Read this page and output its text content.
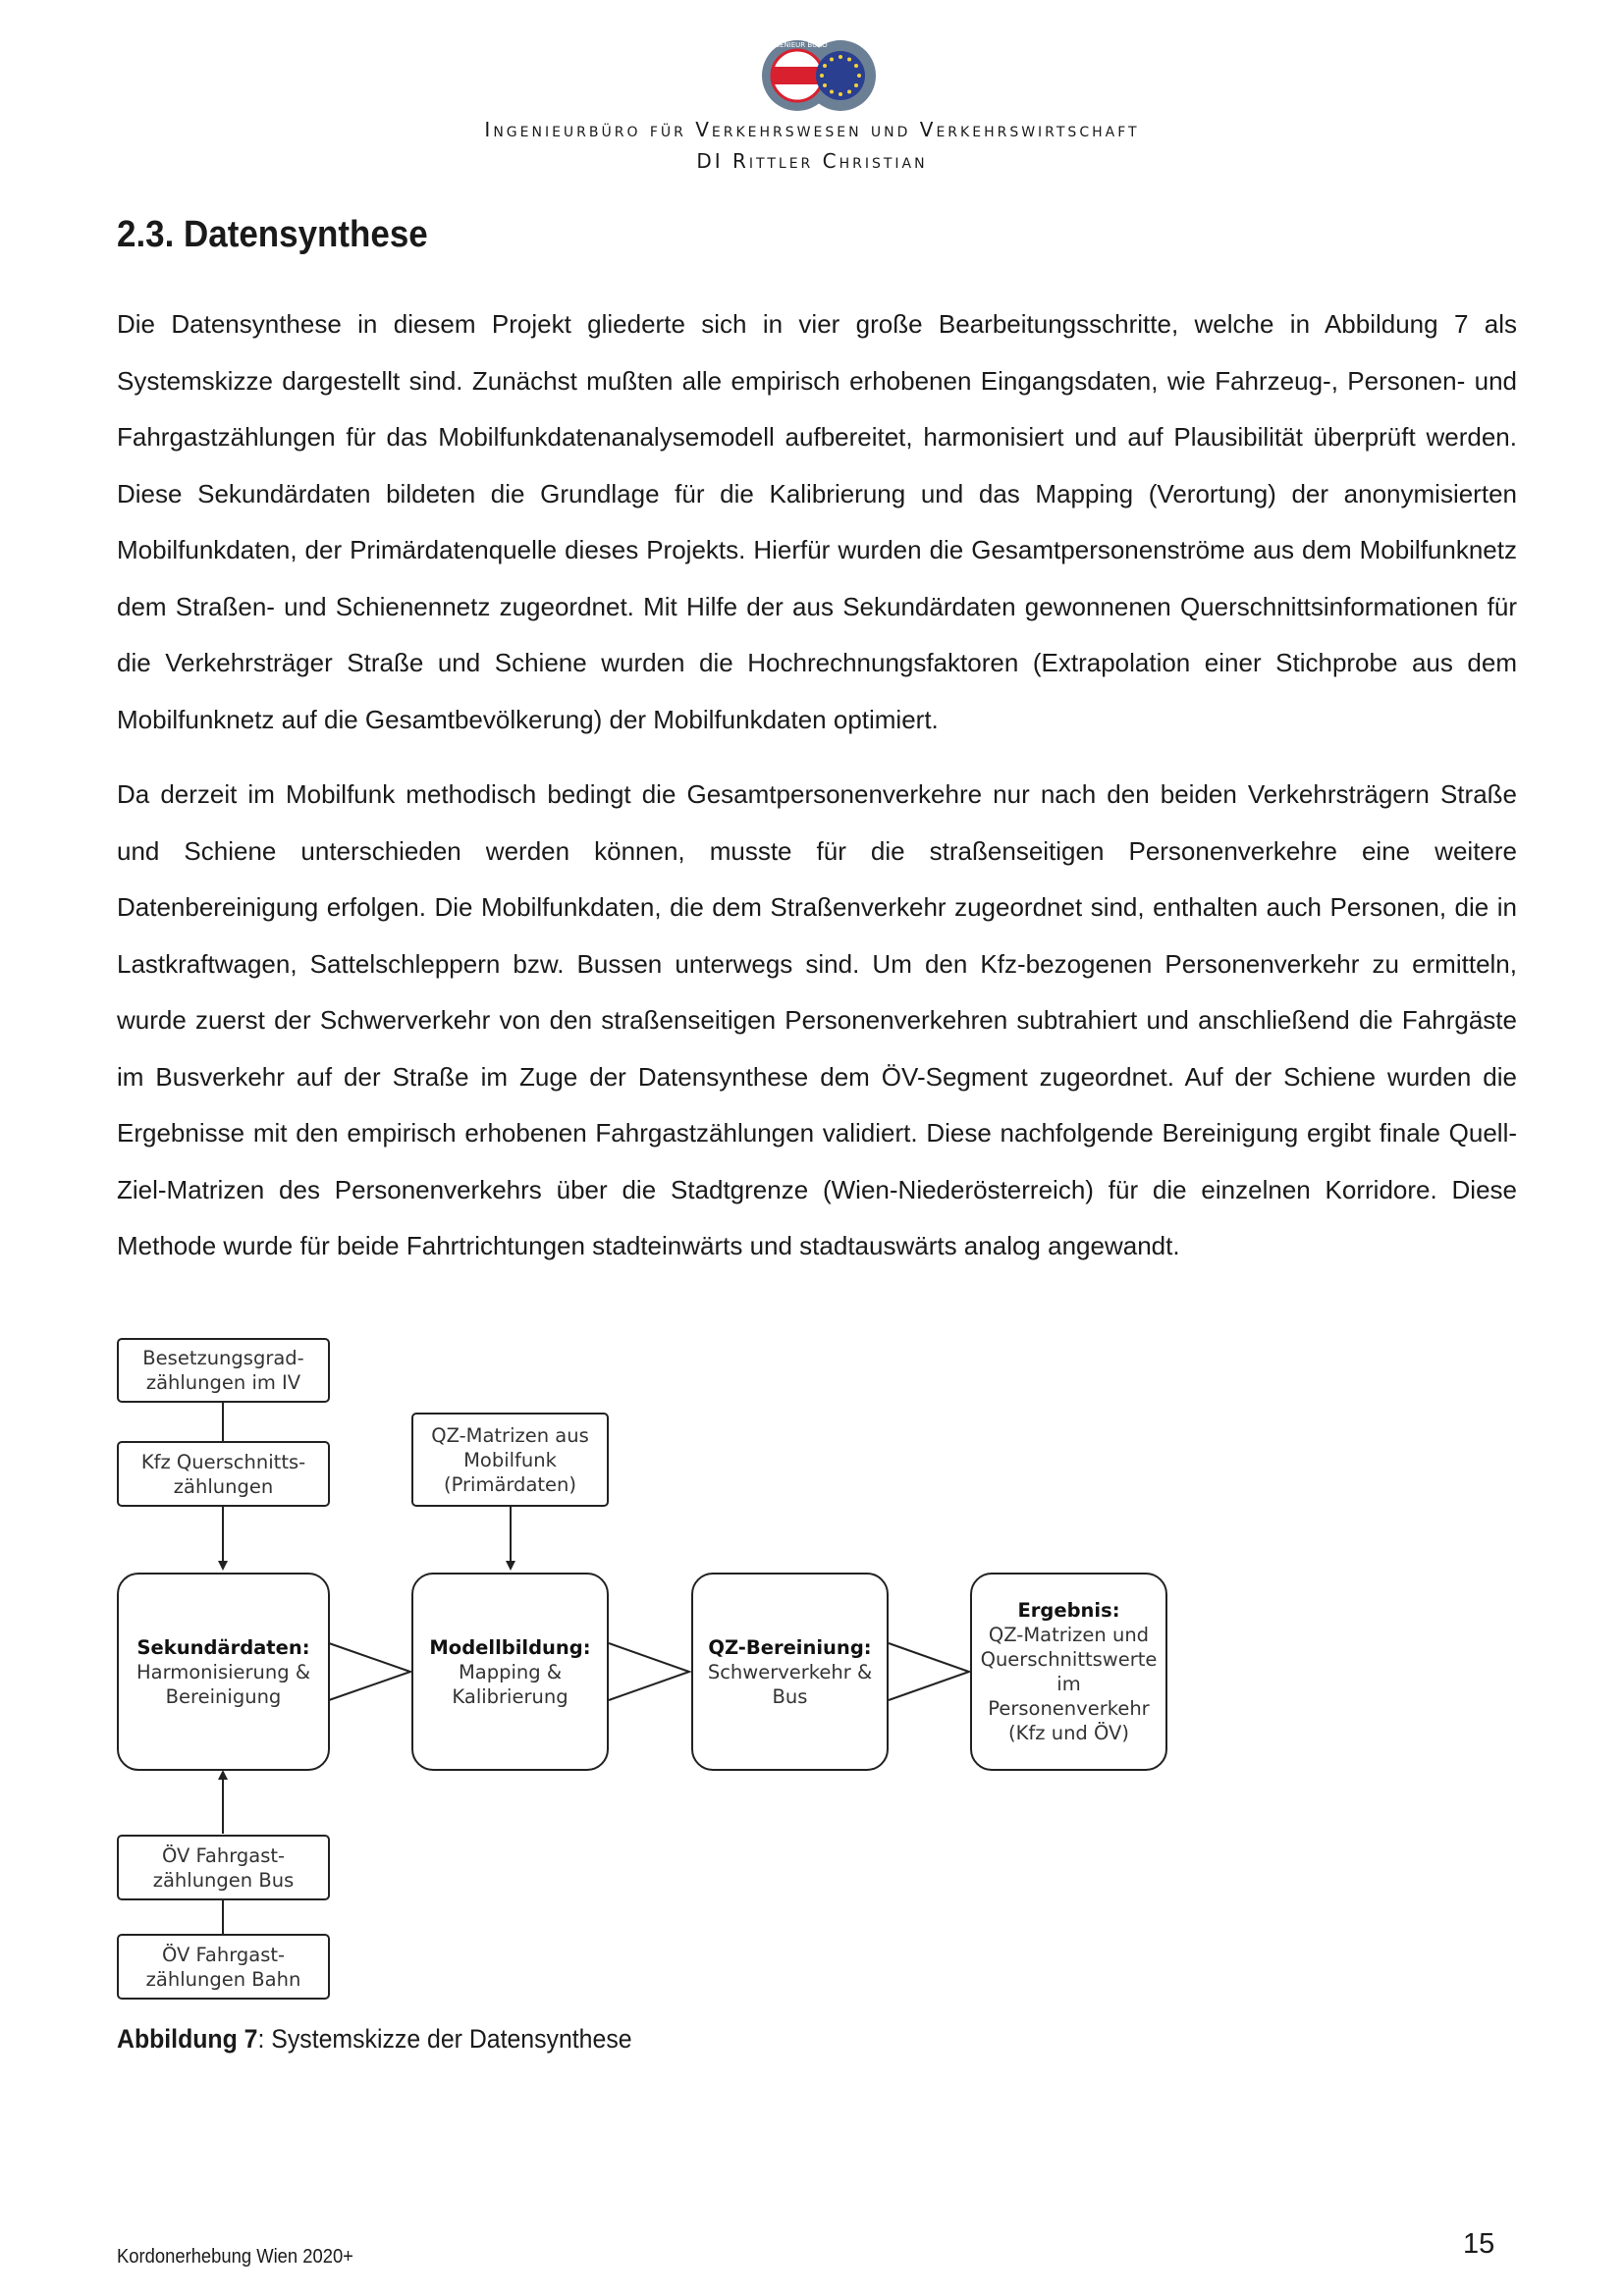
INGENIEUR BÜRO
Ingenieurbüro für Verkehrswesen und Verkehrswirtschaft
DI Rittler Christian
2.3. Datensynthese

Die Datensynthese in diesem Projekt gliederte sich in vier große Bearbeitungsschritte, welche in Abbildung 7 als Systemskizze dargestellt sind. Zunächst mußten alle empirisch erhobenen Eingangsdaten, wie Fahrzeug-, Personen- und Fahrgastzählungen für das Mobilfunkdatenanalysemodell aufbereitet, harmonisiert und auf Plausibilität überprüft werden. Diese Sekundärdaten bildeten die Grundlage für die Kalibrierung und das Mapping (Verortung) der anonymisierten Mobilfunkdaten, der Primärdatenquelle dieses Projekts. Hierfür wurden die Gesamtpersonenströme aus dem Mobilfunknetz dem Straßen- und Schienennetz zugeordnet. Mit Hilfe der aus Sekundärdaten gewonnenen Querschnittsinformationen für die Verkehrsträger Straße und Schiene wurden die Hochrechnungsfaktoren (Extrapolation einer Stichprobe aus dem Mobilfunknetz auf die Gesamtbevölkerung) der Mobilfunkdaten optimiert.

Da derzeit im Mobilfunk methodisch bedingt die Gesamtpersonenverkehre nur nach den beiden Verkehrsträgern Straße und Schiene unterschieden werden können, musste für die straßenseitigen Personenverkehre eine weitere Datenbereinigung erfolgen. Die Mobilfunkdaten, die dem Straßenverkehr zugeordnet sind, enthalten auch Personen, die in Lastkraftwagen, Sattelschleppern bzw. Bussen unterwegs sind. Um den Kfz-bezogenen Personenverkehr zu ermitteln, wurde zuerst der Schwerverkehr von den straßenseitigen Personenverkehren subtrahiert und anschließend die Fahrgäste im Busverkehr auf der Straße im Zuge der Datensynthese dem ÖV-Segment zugeordnet. Auf der Schiene wurden die Ergebnisse mit den empirisch erhobenen Fahrgastzählungen validiert. Diese nachfolgende Bereinigung ergibt finale Quell-Ziel-Matrizen des Personenverkehrs über die Stadtgrenze (Wien-Niederösterreich) für die einzelnen Korridore. Diese Methode wurde für beide Fahrtrichtungen stadteinwärts und stadtauswärts analog angewandt.

Besetzungsgrad-
zählungen im IV
Kfz Querschnitts-
zählungen
QZ-Matrizen aus
Mobilfunk
(Primärdaten)
Sekundärdaten:
Harmonisierung &
Bereinigung
Modellbildung:
Mapping &
Kalibrierung
QZ-Bereiniung:
Schwerverkehr &
Bus
Ergebnis:
QZ-Matrizen und
Querschnittswerte
im
Personenverkehr
(Kfz und ÖV)
ÖV Fahrgast-
zählungen Bus
ÖV Fahrgast-
zählungen Bahn

Abbildung 7: Systemskizze der Datensynthese

Kordonerhebung Wien 2020+	15
